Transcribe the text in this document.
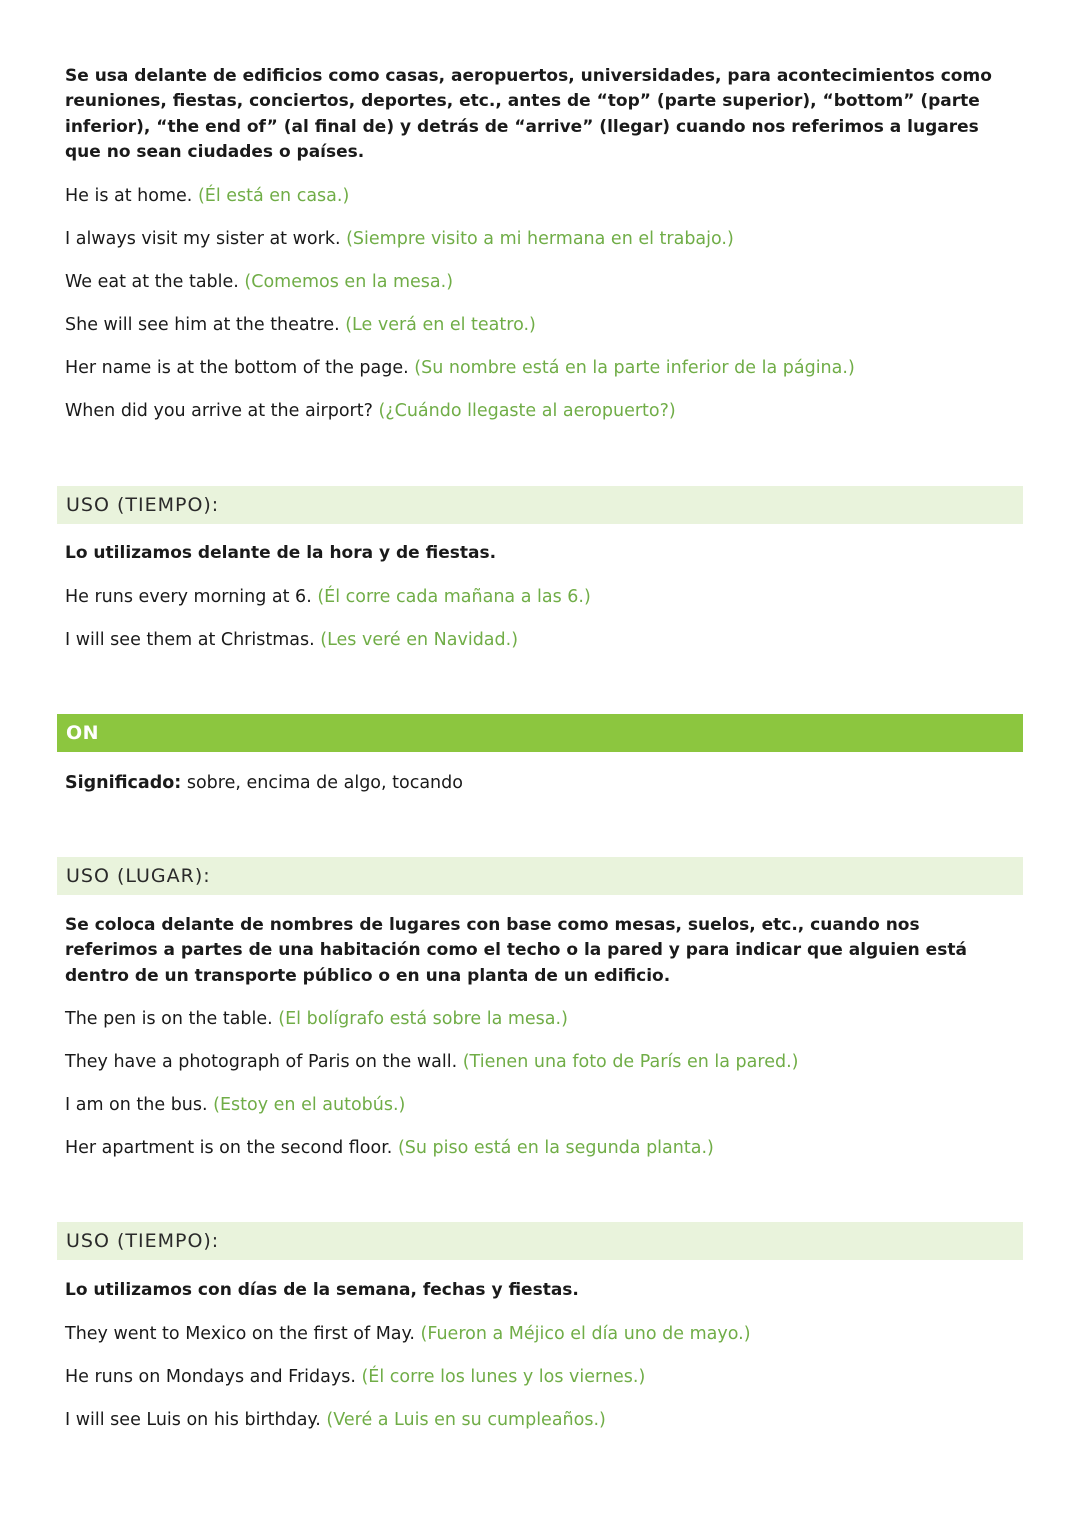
Se usa delante de edificios como casas, aeropuertos, universidades, para acontecimientos como reuniones, fiestas, conciertos, deportes, etc., antes de “top” (parte superior), “bottom” (parte inferior), “the end of” (al final de) y detrás de “arrive” (llegar) cuando nos referimos a lugares que no sean ciudades o países.

He is at home. (Él está en casa.)

I always visit my sister at work. (Siempre visito a mi hermana en el trabajo.)

We eat at the table. (Comemos en la mesa.)

She will see him at the theatre. (Le verá en el teatro.)

Her name is at the bottom of the page. (Su nombre está en la parte inferior de la página.)

When did you arrive at the airport? (¿Cuándo llegaste al aeropuerto?)

USO (TIEMPO):

Lo utilizamos delante de la hora y de fiestas.

He runs every morning at 6. (Él corre cada mañana a las 6.)

I will see them at Christmas. (Les veré en Navidad.)

ON

Significado: sobre, encima de algo, tocando

USO (LUGAR):

Se coloca delante de nombres de lugares con base como mesas, suelos, etc., cuando nos referimos a partes de una habitación como el techo o la pared y para indicar que alguien está dentro de un transporte público o en una planta de un edificio.

The pen is on the table. (El bolígrafo está sobre la mesa.)

They have a photograph of Paris on the wall. (Tienen una foto de París en la pared.)

I am on the bus. (Estoy en el autobús.)

Her apartment is on the second floor. (Su piso está en la segunda planta.)

USO (TIEMPO):

Lo utilizamos con días de la semana, fechas y fiestas.

They went to Mexico on the first of May. (Fueron a Méjico el día uno de mayo.)

He runs on Mondays and Fridays. (Él corre los lunes y los viernes.)

I will see Luis on his birthday. (Veré a Luis en su cumpleaños.)
